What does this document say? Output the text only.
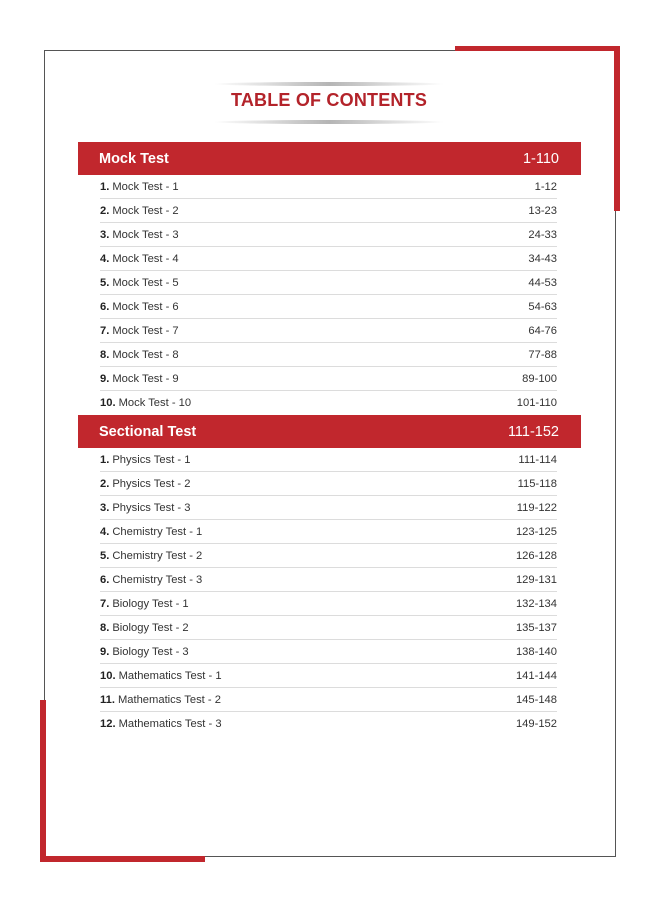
TABLE OF CONTENTS
Mock Test	1-110
1. Mock Test - 1	1-12
2. Mock Test - 2	13-23
3. Mock Test - 3	24-33
4. Mock Test - 4	34-43
5. Mock Test - 5	44-53
6. Mock Test - 6	54-63
7. Mock Test - 7	64-76
8. Mock Test - 8	77-88
9. Mock Test - 9	89-100
10. Mock Test - 10	101-110
Sectional Test	111-152
1. Physics Test - 1	111-114
2. Physics Test - 2	115-118
3. Physics Test - 3	119-122
4. Chemistry Test - 1	123-125
5. Chemistry Test - 2	126-128
6. Chemistry Test - 3	129-131
7. Biology Test - 1	132-134
8. Biology Test - 2	135-137
9. Biology Test - 3	138-140
10. Mathematics Test - 1	141-144
11. Mathematics Test - 2	145-148
12. Mathematics Test - 3	149-152
